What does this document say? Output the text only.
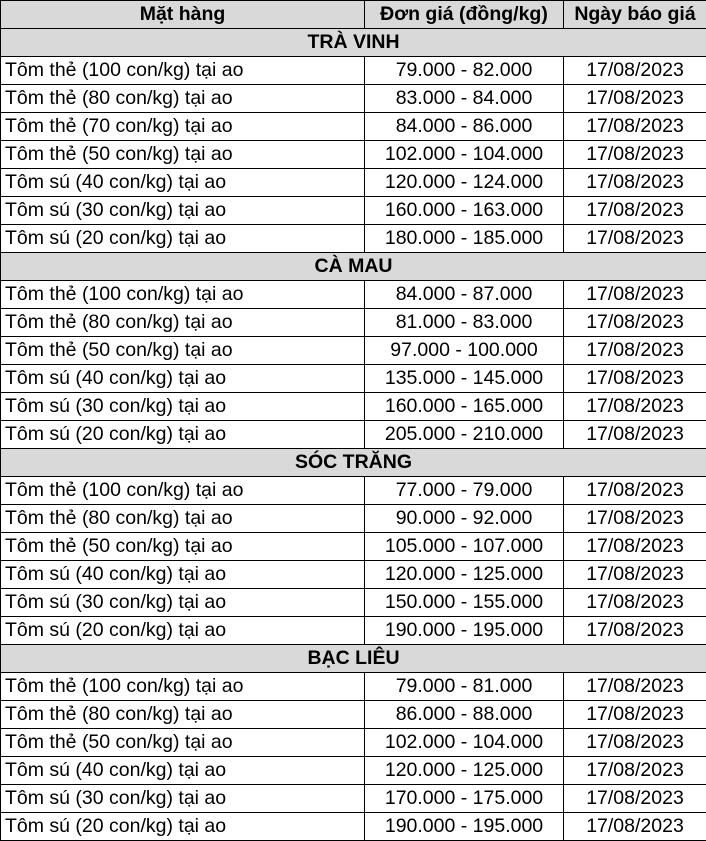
Mặt hàng	Đơn giá (đồng/kg)	Ngày báo giá
TRÀ VINH		
Tôm thẻ (100 con/kg) tại ao	79.000 - 82.000	17/08/2023
Tôm thẻ (80 con/kg) tại ao	83.000 - 84.000	17/08/2023
Tôm thẻ (70 con/kg) tại ao	84.000 - 86.000	17/08/2023
Tôm thẻ (50 con/kg) tại ao	102.000 - 104.000	17/08/2023
Tôm sú (40 con/kg) tại ao	120.000 - 124.000	17/08/2023
Tôm sú (30 con/kg) tại ao	160.000 - 163.000	17/08/2023
Tôm sú (20 con/kg) tại ao	180.000 - 185.000	17/08/2023
CÀ MAU		
Tôm thẻ (100 con/kg) tại ao	84.000 - 87.000	17/08/2023
Tôm thẻ (80 con/kg) tại ao	81.000 - 83.000	17/08/2023
Tôm thẻ (50 con/kg) tại ao	97.000 - 100.000	17/08/2023
Tôm sú (40 con/kg) tại ao	135.000 - 145.000	17/08/2023
Tôm sú (30 con/kg) tại ao	160.000 - 165.000	17/08/2023
Tôm sú (20 con/kg) tại ao	205.000 - 210.000	17/08/2023
SÓC TRĂNG		
Tôm thẻ (100 con/kg) tại ao	77.000 - 79.000	17/08/2023
Tôm thẻ (80 con/kg) tại ao	90.000 - 92.000	17/08/2023
Tôm thẻ (50 con/kg) tại ao	105.000 - 107.000	17/08/2023
Tôm sú (40 con/kg) tại ao	120.000 - 125.000	17/08/2023
Tôm sú (30 con/kg) tại ao	150.000 - 155.000	17/08/2023
Tôm sú (20 con/kg) tại ao	190.000 - 195.000	17/08/2023
BẠC LIÊU		
Tôm thẻ (100 con/kg) tại ao	79.000 - 81.000	17/08/2023
Tôm thẻ (80 con/kg) tại ao	86.000 - 88.000	17/08/2023
Tôm thẻ (50 con/kg) tại ao	102.000 - 104.000	17/08/2023
Tôm sú (40 con/kg) tại ao	120.000 - 125.000	17/08/2023
Tôm sú (30 con/kg) tại ao	170.000 - 175.000	17/08/2023
Tôm sú (20 con/kg) tại ao	190.000 - 195.000	17/08/2023
